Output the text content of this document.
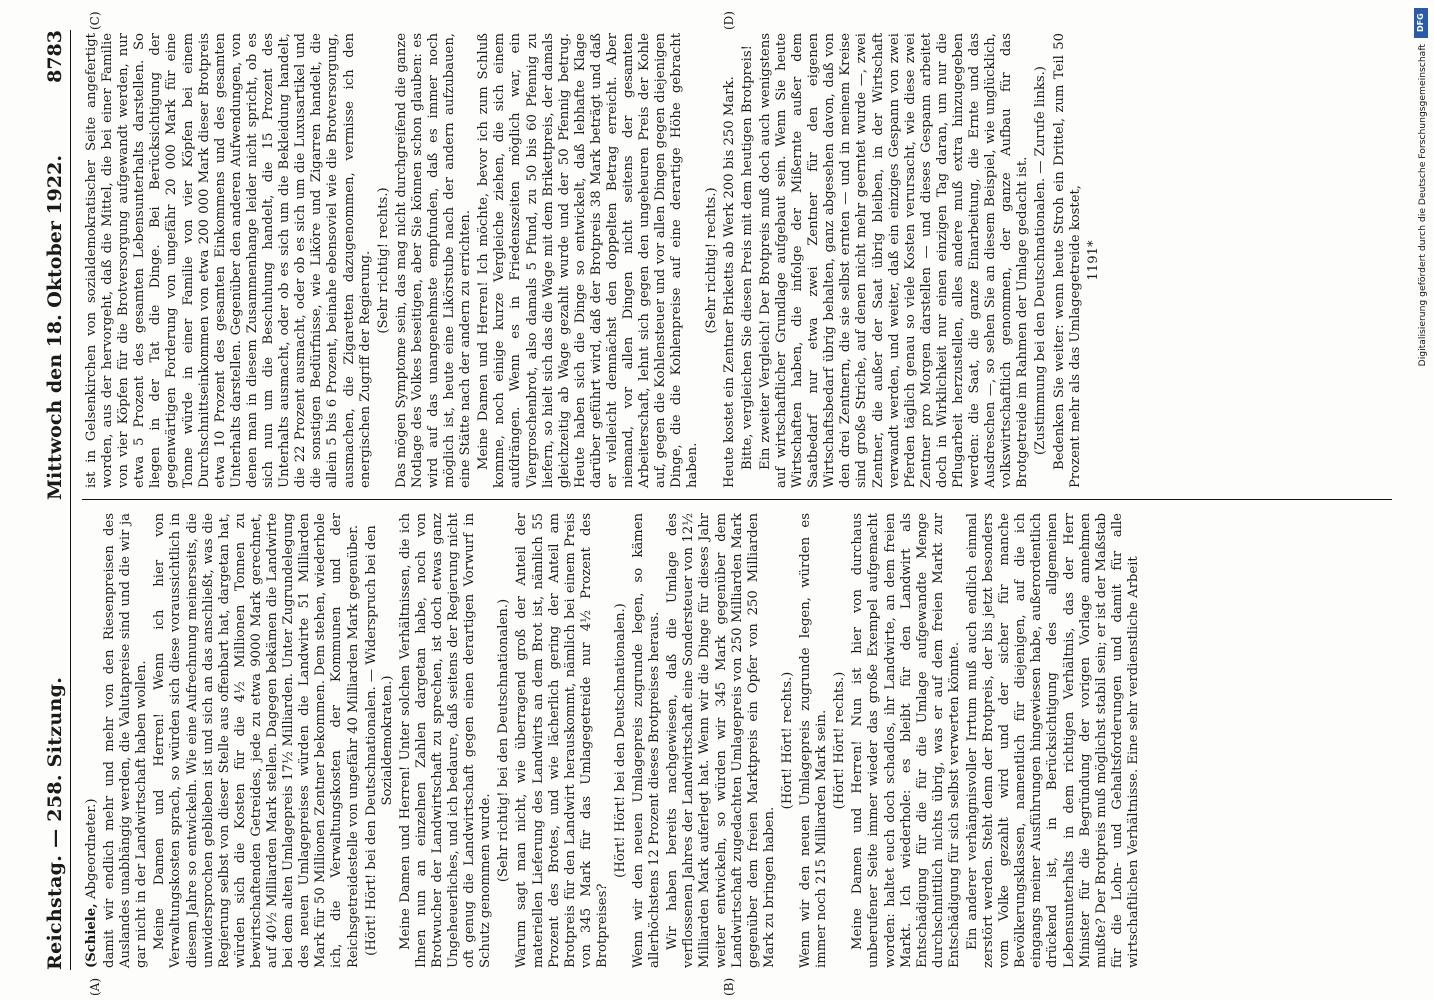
Reichstag. — 258. Sitzung.
Mittwoch den 18. Oktober 1922.
8783
(A)	(B)
(C)	(D)

(Schiele, Abgeordneter.) damit wir endlich mehr und mehr von den Riesenpreisen des Auslandes unabhängig werden, die Valutapreise sind und die wir ja gar nicht in der Landwirtschaft haben wollen. Meine Damen und Herren! Wenn ich hier von Verwaltungskosten sprach, so würden sich diese voraussichtlich in diesem Jahre so entwickeln. Wie eine Aufrechnung meinerseits, die unwidersprochen geblieben ist und sich an das anschließt, was die Regierung selbst von dieser Stelle aus offenbart hat, dargetan hat, würden sich die Kosten für die 4½ Millionen Tonnen zu bewirtschaftenden Getreides, jede zu etwa 9000 Mark gerechnet, auf 40½ Milliarden Mark stellen. Dagegen bekämen die Landwirte bei dem alten Umlagepreis 17½ Milliarden. Unter Zugrundelegung des neuen Umlagepreises würden die Landwirte 51 Milliarden Mark für 50 Millionen Zentner bekommen. Dem stehen, wiederhole ich, die Verwaltungskosten der Kommunen und der Reichsgetreidestelle von ungefähr 40 Milliarden Mark gegenüber. (Hört! Hört! bei den Deutschnationalen. — Widerspruch bei den Sozialdemokraten.) Meine Damen und Herren! Unter solchen Verhältnissen, die ich Ihnen nun an einzelnen Zahlen dargetan habe, noch von Brotwucher der Landwirtschaft zu sprechen, ist doch etwas ganz Ungeheuerliches, und ich bedaure, daß seitens der Regierung nicht oft genug die Landwirtschaft gegen einen derartigen Vorwurf in Schutz genommen wurde. (Sehr richtig! bei den Deutschnationalen.) Warum sagt man nicht, wie überragend groß der Anteil der materiellen Lieferung des Landwirts an dem Brot ist, nämlich 55 Prozent des Brotes, und wie lächerlich gering der Anteil am Brotpreis für den Landwirt herauskommt, nämlich bei einem Preis von 345 Mark für das Umlagegetreide nur 4½ Prozent des Brotpreises?

(Hört! Hört! bei den Deutschnationalen.) Wenn wir den neuen Umlagepreis zugrunde legen, so kämen allerhöchstens 12 Prozent dieses Brotpreises heraus. Wir haben bereits nachgewiesen, daß die Umlage des verflossenen Jahres der Landwirtschaft eine Sondersteuer von 12½ Milliarden Mark auferlegt hat. Wenn wir die Dinge für dieses Jahr weiter entwickeln, so würden wir 345 Mark gegenüber dem Landwirtschaft zugedachten Umlagepreis von 250 Milliarden Mark gegenüber dem freien Marktpreis ein Opfer von 250 Milliarden Mark zu bringen haben.

(Hört! Hört! rechts.) Wenn wir den neuen Umlagepreis zugrunde legen, würden es immer noch 215 Milliarden Mark sein. (Hört! Hört! rechts.) Meine Damen und Herren! Nun ist hier von durchaus unberufener Seite immer wieder das große Exempel aufgemacht worden: haltet euch doch schadlos, ihr Landwirte, an dem freien Markt. Ich wiederhole: es bleibt für den Landwirt als Entschädigung für die für die Umlage aufgewandte Menge durchschnittlich nichts übrig, was er auf dem freien Markt zur Entschädigung für sich selbst verwerten könnte. Ein anderer verhängnisvoller Irrtum muß auch endlich einmal zerstört werden. Steht denn der Brotpreis, der bis jetzt besonders vom Volke gezahlt wird und der sicher für manche Bevölkerungsklassen, namentlich für diejenigen, auf die ich eingangs meiner Ausführungen hingewiesen habe, außerordentlich drückend ist, in Berücksichtigung des allgemeinen Lebensunterhalts in dem richtigen Verhältnis, das der Herr Minister für die Begründung der vorigen Vorlage annehmen mußte? Der Brotpreis muß möglichst stabil sein; er ist der Maßstab für die Lohn- und Gehaltsforderungen und damit für alle wirtschaftlichen Verhältnisse. Eine sehr verdienstliche Arbeit

ist in Gelsenkirchen von sozialdemokratischer Seite angefertigt worden, aus der hervorgeht, daß die Mittel, die bei einer Familie von vier Köpfen für die Brotversorgung aufgewandt werden, nur etwa 5 Prozent des gesamten Lebensunterhalts darstellen. So liegen in der Tat die Dinge. Bei Berücksichtigung der gegenwärtigen Forderung von ungefähr 20 000 Mark für eine Tonne würde in einer Familie von vier Köpfen bei einem Durchschnittseinkommen von etwa 200 000 Mark dieser Brotpreis etwa 10 Prozent des gesamten Einkommens und des gesamten Unterhalts darstellen. Gegenüber den anderen Aufwendungen, von denen man in diesem Zusammenhange leider nicht spricht, ob es sich nun um die Beschuhung handelt, die 15 Prozent des Unterhalts ausmacht, oder ob es sich um die Bekleidung handelt, die 22 Prozent ausmacht, oder ob es sich um die Luxusartikel und die sonstigen Bedürfnisse, wie Liköre und Zigarren handelt, die allein 5 bis 6 Prozent, beinahe ebensoviel wie die Brotversorgung, ausmachen, die Zigaretten dazugenommen, vermisse ich den energischen Zugriff der Regierung. (Sehr richtig! rechts.) Das mögen Symptome sein, das mag nicht durchgreifend die ganze Notlage des Volkes beseitigen, aber Sie können schon glauben: es wird auf das unangenehmste empfunden, daß es immer noch möglich ist, heute eine Likörstube nach der andern aufzubauen, eine Stätte nach der andern zu errichten. Meine Damen und Herren! Ich möchte, bevor ich zum Schluß komme, noch einige kurze Vergleiche ziehen, die sich einem aufdrängen. Wenn es in Friedenszeiten möglich war, ein Viergroschenbrot, also damals 5 Pfund, zu 50 bis 60 Pfennig zu liefern, so hielt sich das die Wage mit dem Brikettpreis, der damals gleichzeitig ab Wage gezahlt wurde und der 50 Pfennig betrug. Heute haben sich die Dinge so entwickelt, daß lebhafte Klage darüber geführt wird, daß der Brotpreis 38 Mark beträgt und daß er vielleicht demnächst den doppelten Betrag erreicht. Aber niemand, vor allen Dingen nicht seitens der gesamten Arbeiterschaft, lehnt sich gegen den ungeheuren Preis der Kohle auf, gegen die Kohlensteuer und vor allen Dingen gegen diejenigen Dinge, die die Kohlenpreise auf eine derartige Höhe gebracht haben.

(Sehr richtig! rechts.) Heute kostet ein Zentner Briketts ab Werk 200 bis 250 Mark. Bitte, vergleichen Sie diesen Preis mit dem heutigen Brotpreis! Ein zweiter Vergleich! Der Brotpreis muß doch auch wenigstens auf wirtschaftlicher Grundlage aufgebaut sein. Wenn Sie heute Wirtschaften haben, die infolge der Mißernte außer dem Saatbedarf nur etwa zwei Zentner für den eigenen Wirtschaftsbedarf übrig behalten, ganz abgesehen davon, daß von den drei Zentnern, die sie selbst ernten — und in meinem Kreise sind große Striche, auf denen nicht mehr geerntet wurde —, zwei Zentner, die außer der Saat übrig bleiben, in der Wirtschaft verwandt werden, und weiter, daß ein einziges Gespann von zwei Pferden täglich genau so viele Kosten verursacht, wie diese zwei Zentner pro Morgen darstellen — und dieses Gespann arbeitet doch in Wirklichkeit nur einen einzigen Tag daran, um nur die Pflugarbeit herzustellen, alles andere muß extra hinzugegeben werden: die Saat, die ganze Einarbeitung, die Ernte und das Ausdreschen —, so sehen Sie an diesem Beispiel, wie unglücklich, volkswirtschaftlich genommen, der ganze Aufbau für das Brotgetreide im Rahmen der Umlage gedacht ist. (Zustimmung bei den Deutschnationalen. — Zurufe links.) Bedenken Sie weiter: wenn heute Stroh ein Drittel, zum Teil 50 Prozent mehr als das Umlagegetreide kostet, 1191*

DFG
Digitalisierung gefördert durch die Deutsche Forschungsgemeinschaft
